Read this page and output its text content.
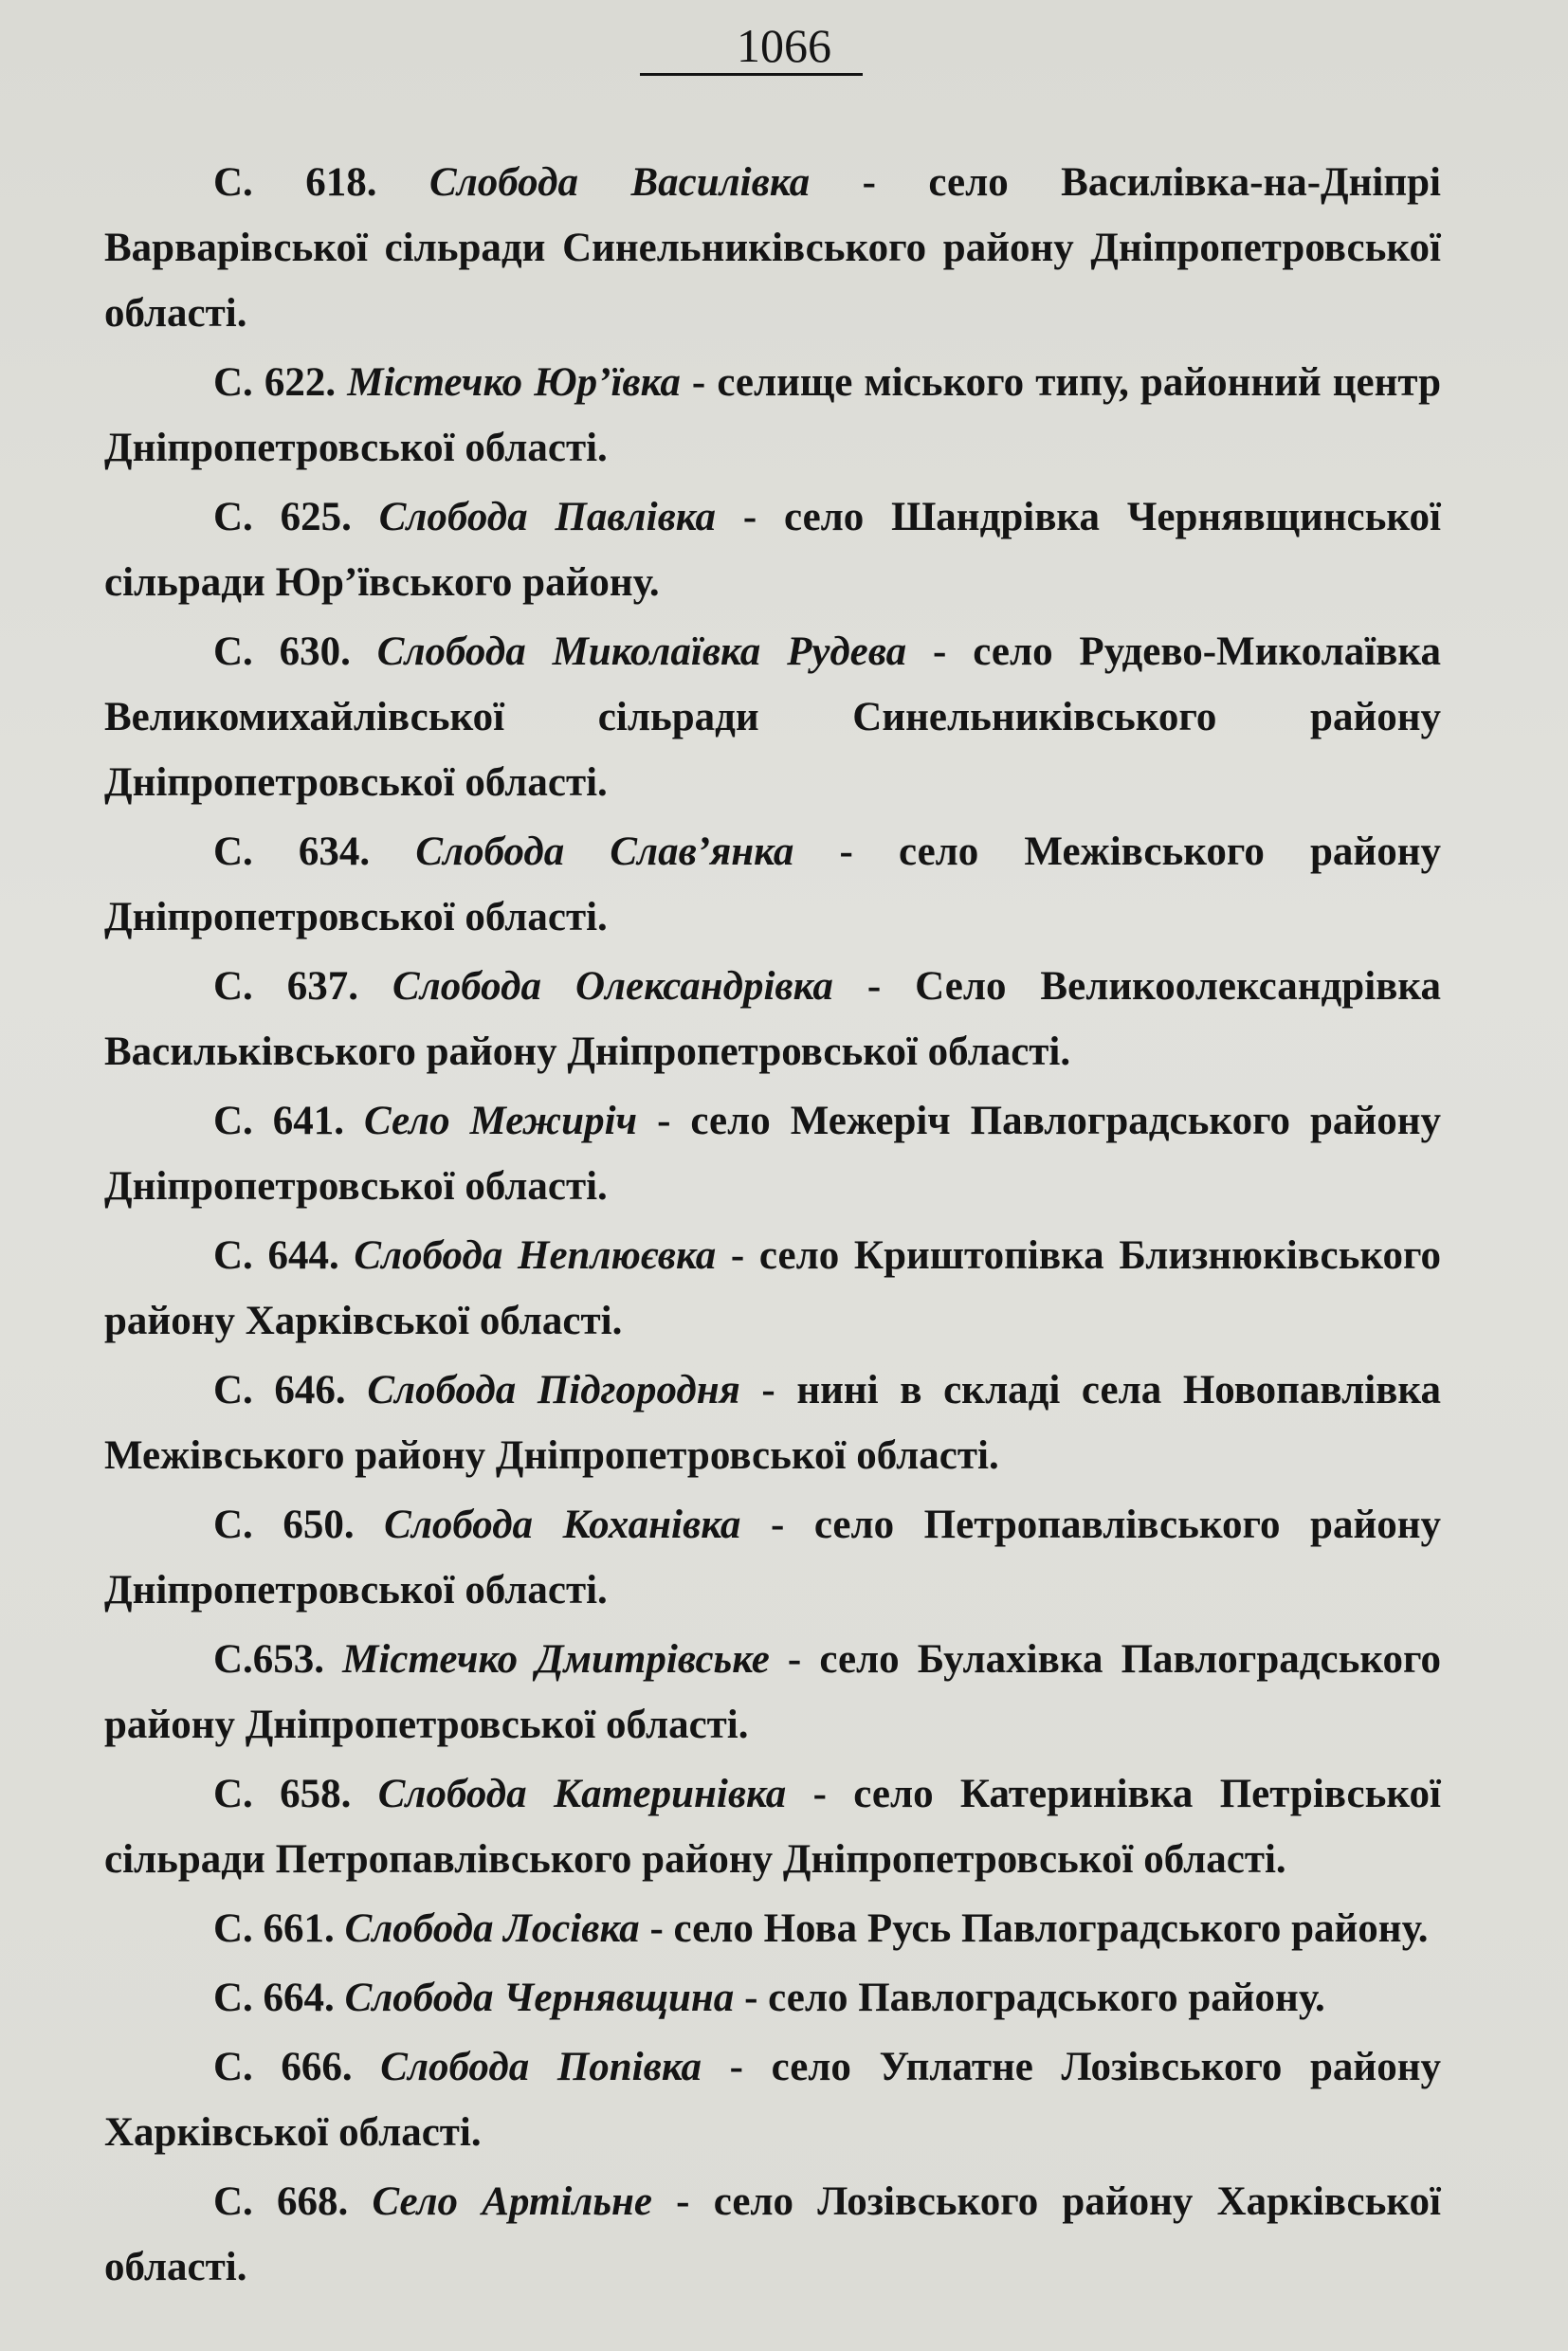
1066

С. 618. Слобода Василівка - село Василівка-на-Дніпрі Варварівської сільради Синельниківського району Дніпропетровської області.

С. 622. Містечко Юр’ївка - селище міського типу, районний центр Дніпропетровської області.

С. 625. Слобода Павлівка - село Шандрівка Чернявщинської сільради Юр’ївського району.

С. 630. Слобода Миколаївка Рудева - село Рудево-Миколаївка Великомихайлівської сільради Синельниківського району Дніпропетровської області.

С. 634. Слобода Слав’янка - село Межівського району Дніпропетровської області.

С. 637. Слобода Олександрівка - Село Великоолександрівка Васильківського району Дніпропетровської області.

С. 641. Село Межиріч - село Межеріч Павлоградського району Дніпропетровської області.

С. 644. Слобода Неплюєвка - село Криштопівка Близнюківського району Харківської області.

С. 646. Слобода Підгородня - нині в складі села Новопавлівка Межівського району Дніпропетровської області.

С. 650. Слобода Коханівка - село Петропавлівського району Дніпропетровської області.

С.653. Містечко Дмитрівське - село Булахівка Павлоградського району Дніпропетровської області.

С. 658. Слобода Катеринівка - село Катеринівка Петрівської сільради Петропавлівського району Дніпропетровської області.

С. 661. Слобода Лосівка - село Нова Русь Павлоградського району.

С. 664. Слобода Чернявщина - село Павлоградського району.

С. 666. Слобода Попівка - село Уплатне Лозівського району Харківської області.

С. 668. Село Артільне - село Лозівського району Харківської області.
